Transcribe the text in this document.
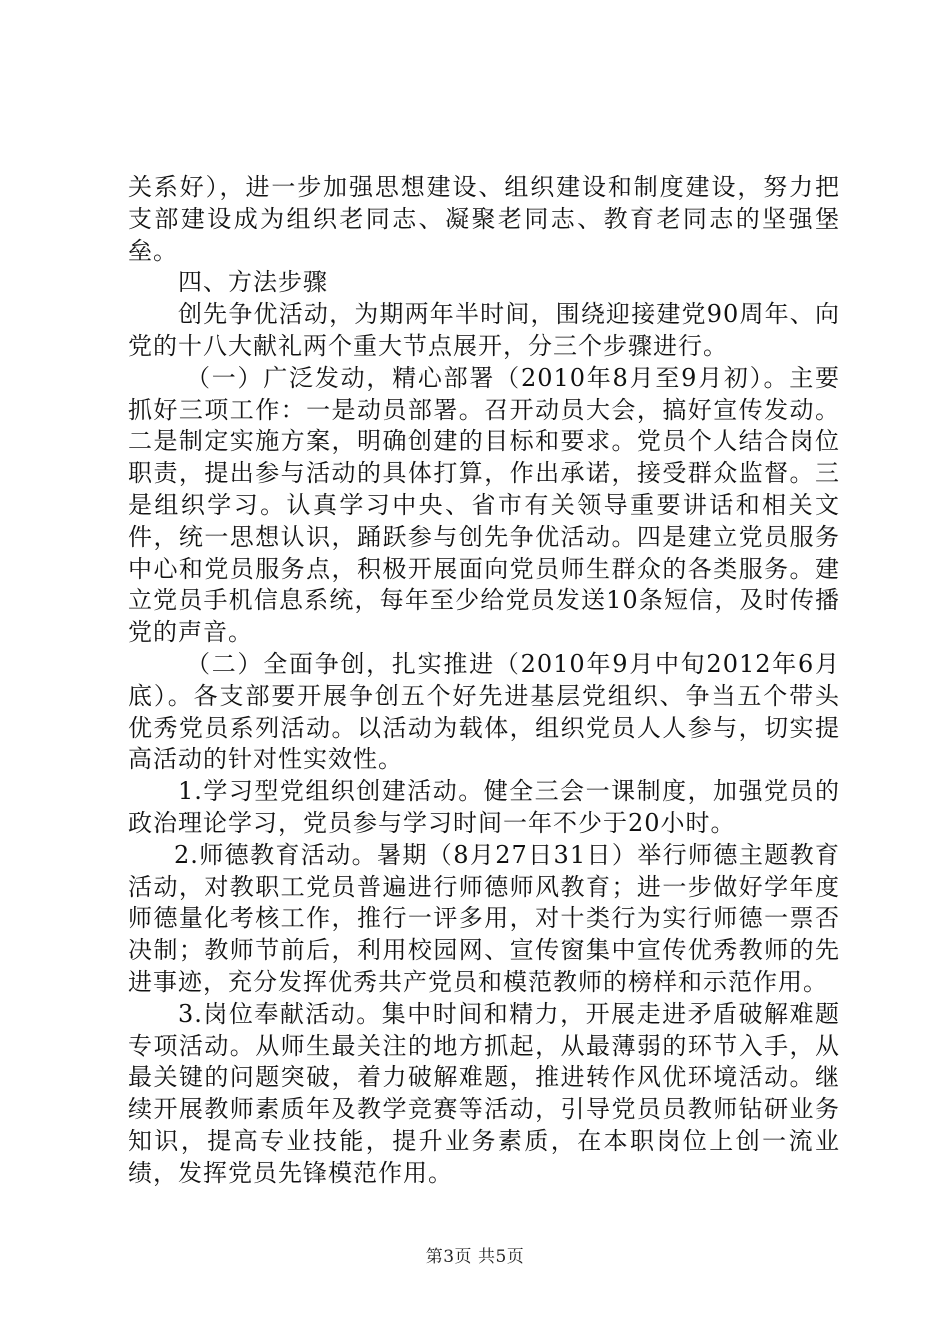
关系好），进一步加强思想建设、组织建设和制度建设，努力把支部建设成为组织老同志、凝聚老同志、教育老同志的坚强堡垒。

四、方法步骤

创先争优活动，为期两年半时间，围绕迎接建党90周年、向党的十八大献礼两个重大节点展开，分三个步骤进行。

（一）广泛发动，精心部署（2010年8月至9月初）。主要抓好三项工作：一是动员部署。召开动员大会，搞好宣传发动。二是制定实施方案，明确创建的目标和要求。党员个人结合岗位职责，提出参与活动的具体打算，作出承诺，接受群众监督。三是组织学习。认真学习中央、省市有关领导重要讲话和相关文件，统一思想认识，踊跃参与创先争优活动。四是建立党员服务中心和党员服务点，积极开展面向党员师生群众的各类服务。建立党员手机信息系统，每年至少给党员发送10条短信，及时传播党的声音。

（二）全面争创，扎实推进（2010年9月中旬2012年6月底）。各支部要开展争创五个好先进基层党组织、争当五个带头优秀党员系列活动。以活动为载体，组织党员人人参与，切实提高活动的针对性实效性。

1.学习型党组织创建活动。健全三会一课制度，加强党员的政治理论学习，党员参与学习时间一年不少于20小时。

2.师德教育活动。暑期（8月27日31日）举行师德主题教育活动，对教职工党员普遍进行师德师风教育；进一步做好学年度师德量化考核工作，推行一评多用，对十类行为实行师德一票否决制；教师节前后，利用校园网、宣传窗集中宣传优秀教师的先进事迹，充分发挥优秀共产党员和模范教师的榜样和示范作用。

3.岗位奉献活动。集中时间和精力，开展走进矛盾破解难题专项活动。从师生最关注的地方抓起，从最薄弱的环节入手，从最关键的问题突破，着力破解难题，推进转作风优环境活动。继续开展教师素质年及教学竞赛等活动，引导党员员教师钻研业务知识，提高专业技能，提升业务素质，在本职岗位上创一流业绩，发挥党员先锋模范作用。

第3页 共5页
